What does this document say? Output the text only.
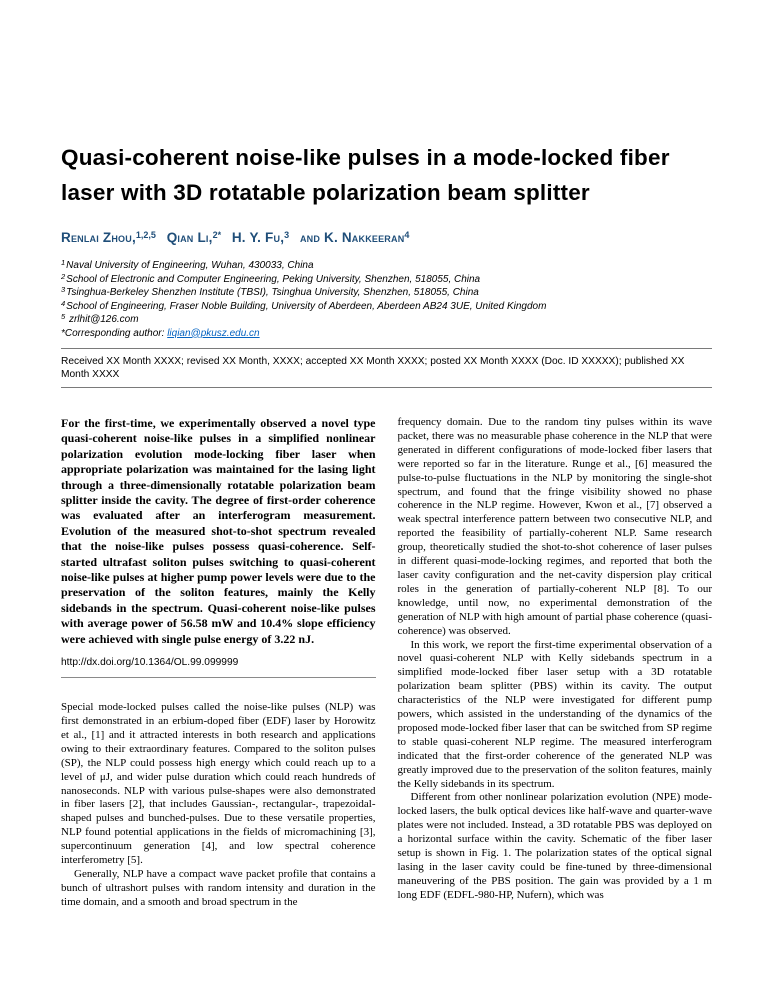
Quasi-coherent noise-like pulses in a mode-locked fiber laser with 3D rotatable polarization beam splitter
Renlai Zhou,$^{1,2,5}$ Qian Li,$^{2*}$ H. Y. Fu,$^3$ and K. Nakkeeran$^4$
$^1$Naval University of Engineering, Wuhan, 430033, China
$^2$School of Electronic and Computer Engineering, Peking University, Shenzhen, 518055, China
$^3$Tsinghua-Berkeley Shenzhen Institute (TBSI), Tsinghua University, Shenzhen, 518055, China
$^4$School of Engineering, Fraser Noble Building, University of Aberdeen, Aberdeen AB24 3UE, United Kingdom
$^5$ zrlhit@126.com
*Corresponding author: liqian@pkusz.edu.cn
Received XX Month XXXX; revised XX Month, XXXX; accepted XX Month XXXX; posted XX Month XXXX (Doc. ID XXXXX); published XX Month XXXX

For the first-time, we experimentally observed a novel type quasi-coherent noise-like pulses in a simplified nonlinear polarization evolution mode-locking fiber laser when appropriate polarization was maintained for the lasing light through a three-dimensionally rotatable polarization beam splitter inside the cavity. The degree of first-order coherence was evaluated after an interferogram measurement. Evolution of the measured shot-to-shot spectrum revealed that the noise-like pulses possess quasi-coherence. Self-started ultrafast soliton pulses switching to quasi-coherent noise-like pulses at higher pump power levels were due to the preservation of the soliton features, mainly the Kelly sidebands in the spectrum. Quasi-coherent noise-like pulses with average power of 56.58 mW and 10.4% slope efficiency were achieved with single pulse energy of 3.22 nJ.

http://dx.doi.org/10.1364/OL.99.099999

Special mode-locked pulses called the noise-like pulses (NLP) was first demonstrated in an erbium-doped fiber (EDF) laser by Horowitz et al., [1] and it attracted interests in both research and applications owing to their extraordinary features. Compared to the soliton pulses (SP), the NLP could possess high energy which could reach up to a level of μJ, and wider pulse duration which could reach hundreds of nanoseconds. NLP with various pulse-shapes were also demonstrated in fiber lasers [2], that includes Gaussian-, rectangular-, trapezoidal-shaped pulses and bunched-pulses. Due to these versatile properties, NLP found potential applications in the fields of micromachining [3], supercontinuum generation [4], and low spectral coherence interferometry [5].

Generally, NLP have a compact wave packet profile that contains a bunch of ultrashort pulses with random intensity and duration in the time domain, and a smooth and broad spectrum in the

frequency domain. Due to the random tiny pulses within its wave packet, there was no measurable phase coherence in the NLP that were generated in different configurations of mode-locked fiber lasers that were reported so far in the literature. Runge et al., [6] measured the pulse-to-pulse fluctuations in the NLP by monitoring the single-shot spectrum, and found that the fringe visibility showed no phase coherence in the NLP regime. However, Kwon et al., [7] observed a weak spectral interference pattern between two consecutive NLP, and reported the feasibility of partially-coherent NLP. Same research group, theoretically studied the shot-to-shot coherence of laser pulses in different quasi-mode-locking regimes, and reported that both the laser cavity configuration and the net-cavity dispersion play critical roles in the generation of partially-coherent NLP [8]. To our knowledge, until now, no experimental demonstration of the generation of NLP with high amount of partial phase coherence (quasi-coherence) was observed.

In this work, we report the first-time experimental observation of a novel quasi-coherent NLP with Kelly sidebands spectrum in a simplified mode-locked fiber laser setup with a 3D rotatable polarization beam splitter (PBS) within its cavity. The output characteristics of the NLP were investigated for different pump powers, which assisted in the understanding of the dynamics of the proposed mode-locked fiber laser that can be switched from SP regime to stable quasi-coherent NLP regime. The measured interferogram indicated that the first-order coherence of the generated NLP was greatly improved due to the preservation of the soliton features, mainly the Kelly sidebands in its spectrum.

Different from other nonlinear polarization evolution (NPE) mode-locked lasers, the bulk optical devices like half-wave and quarter-wave plates were not included. Instead, a 3D rotatable PBS was deployed on a horizontal surface within the cavity. Schematic of the fiber laser setup is shown in Fig. 1. The polarization states of the optical signal lasing in the laser cavity could be fine-tuned by three-dimensional maneuvering of the PBS position. The gain was provided by a 1 m long EDF (EDFL-980-HP, Nufern), which was
